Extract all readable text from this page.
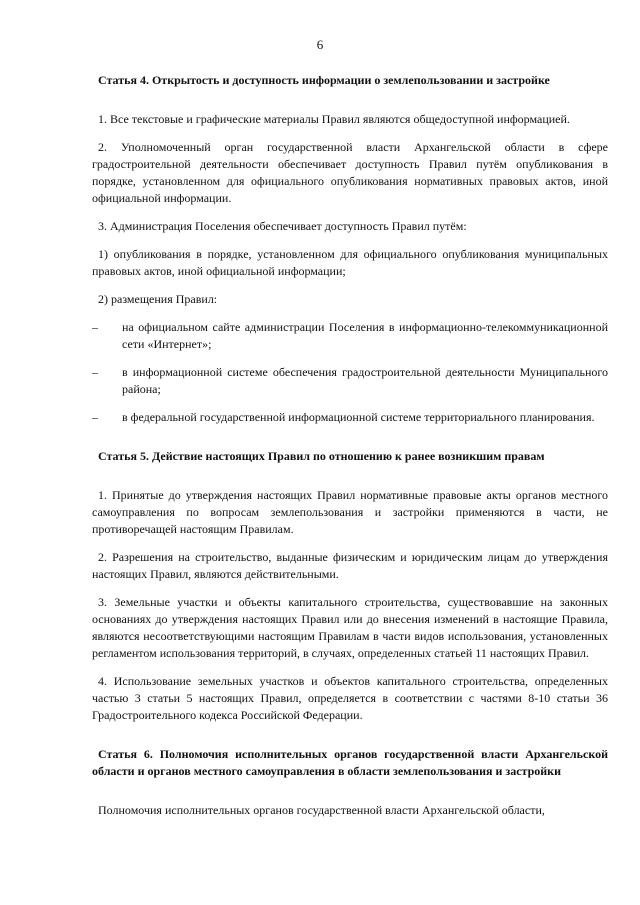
6
Статья 4. Открытость и доступность информации о землепользовании и застройке

1. Все текстовые и графические материалы Правил являются общедоступной информацией.

2. Уполномоченный орган государственной власти Архангельской области в сфере градостроительной деятельности обеспечивает доступность Правил путём опубликования в порядке, установленном для официального опубликования нормативных правовых актов, иной официальной информации.

3. Администрация Поселения обеспечивает доступность Правил путём:

1) опубликования в порядке, установленном для официального опубликования муниципальных правовых актов, иной официальной информации;

2) размещения Правил:

–	на официальном сайте администрации Поселения в информационно-телекоммуникационной сети «Интернет»;
–	в информационной системе обеспечения градостроительной деятельности Муниципального района;
–	в федеральной государственной информационной системе территориального планирования.
Статья 5. Действие настоящих Правил по отношению к ранее возникшим правам

1. Принятые до утверждения настоящих Правил нормативные правовые акты органов местного самоуправления по вопросам землепользования и застройки применяются в части, не противоречащей настоящим Правилам.

2. Разрешения на строительство, выданные физическим и юридическим лицам до утверждения настоящих Правил, являются действительными.

3. Земельные участки и объекты капитального строительства, существовавшие на законных основаниях до утверждения настоящих Правил или до внесения изменений в настоящие Правила, являются несоответствующими настоящим Правилам в части видов использования, установленных регламентом использования территорий, в случаях, определенных статьей 11 настоящих Правил.

4. Использование земельных участков и объектов капитального строительства, определенных частью 3 статьи 5 настоящих Правил, определяется в соответствии с частями 8-10 статьи 36 Градостроительного кодекса Российской Федерации.

Статья 6. Полномочия исполнительных органов государственной власти Архангельской области и органов местного самоуправления в области землепользования и застройки

Полномочия исполнительных органов государственной власти Архангельской области,
